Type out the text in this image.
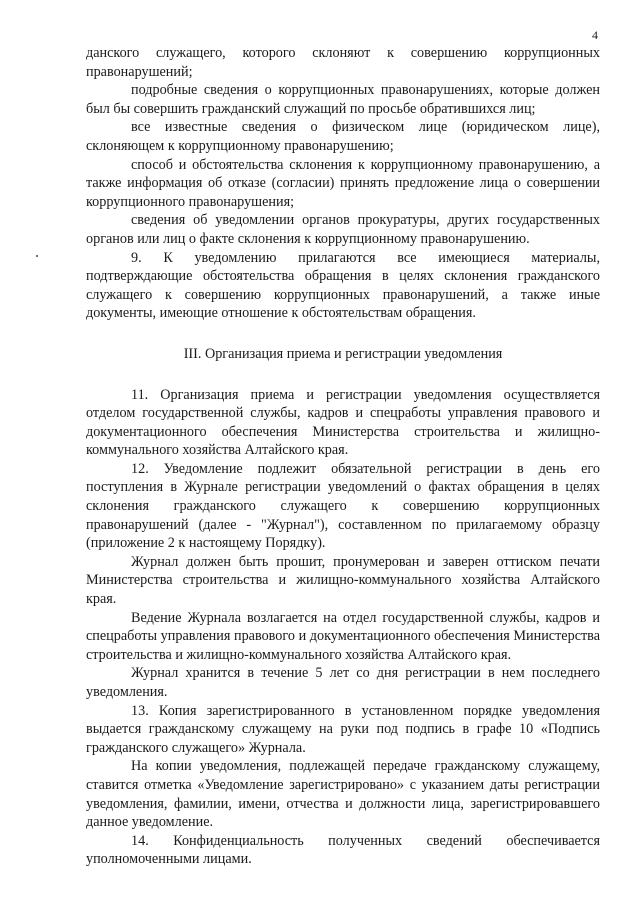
4

данского служащего, которого склоняют к совершению коррупционных правонарушений;

подробные сведения о коррупционных правонарушениях, которые должен был бы совершить гражданский служащий по просьбе обратившихся лиц;

все известные сведения о физическом лице (юридическом лице), склоняющем к коррупционному правонарушению;

способ и обстоятельства склонения к коррупционному правонарушению, а также информация об отказе (согласии) принять предложение лица о совершении коррупционного правонарушения;

сведения об уведомлении органов прокуратуры, других государственных органов или лиц о факте склонения к коррупционному правонарушению.

9. К уведомлению прилагаются все имеющиеся материалы, подтверждающие обстоятельства обращения в целях склонения гражданского служащего к совершению коррупционных правонарушений, а также иные документы, имеющие отношение к обстоятельствам обращения.

III. Организация приема и регистрации уведомления

11. Организация приема и регистрации уведомления осуществляется отделом государственной службы, кадров и спецработы управления правового и документационного обеспечения Министерства строительства и жилищно-коммунального хозяйства Алтайского края.

12. Уведомление подлежит обязательной регистрации в день его поступления в Журнале регистрации уведомлений о фактах обращения в целях склонения гражданского служащего к совершению коррупционных правонарушений (далее - "Журнал"), составленном по прилагаемому образцу (приложение 2 к настоящему Порядку).

Журнал должен быть прошит, пронумерован и заверен оттиском печати Министерства строительства и жилищно-коммунального хозяйства Алтайского края.

Ведение Журнала возлагается на отдел государственной службы, кадров и спецработы управления правового и документационного обеспечения Министерства строительства и жилищно-коммунального хозяйства Алтайского края.

Журнал хранится в течение 5 лет со дня регистрации в нем последнего уведомления.

13. Копия зарегистрированного в установленном порядке уведомления выдается гражданскому служащему на руки под подпись в графе 10 «Подпись гражданского служащего» Журнала.

На копии уведомления, подлежащей передаче гражданскому служащему, ставится отметка «Уведомление зарегистрировано» с указанием даты регистрации уведомления, фамилии, имени, отчества и должности лица, зарегистрировавшего данное уведомление.

14. Конфиденциальность полученных сведений обеспечивается уполномоченными лицами.
